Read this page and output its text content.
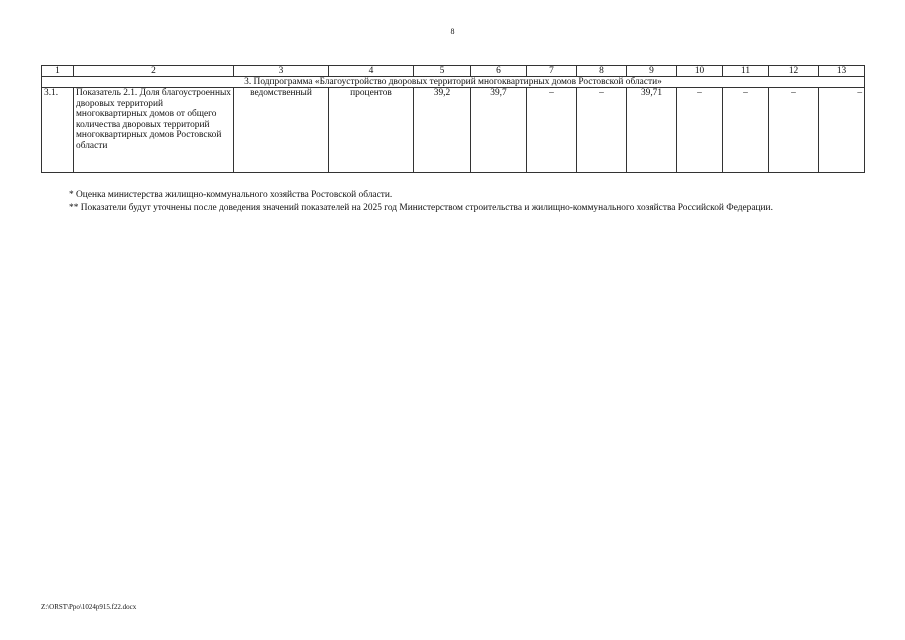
8
1	2	3	4	5	6	7	8	9	10	11	12	13
3. Подпрограмма «Благоустройство дворовых территорий многоквартирных домов Ростовской области»												
3.1.	Показатель 2.1. Доля благоустроенных дворовых территорий многоквартирных домов от общего количества дворовых территорий многоквартирных домов Ростовской области	ведомственный	процентов	39,2	39,7	–	–	39,71	–	–	–	–

* Оценка министерства жилищно-коммунального хозяйства Ростовской области.

** Показатели будут уточнены после доведения значений показателей на 2025 год Министерством строительства и жилищно-коммунального хозяйства Российской Федерации.

Z:\ORST\Ppo\1024p915.f22.docx
